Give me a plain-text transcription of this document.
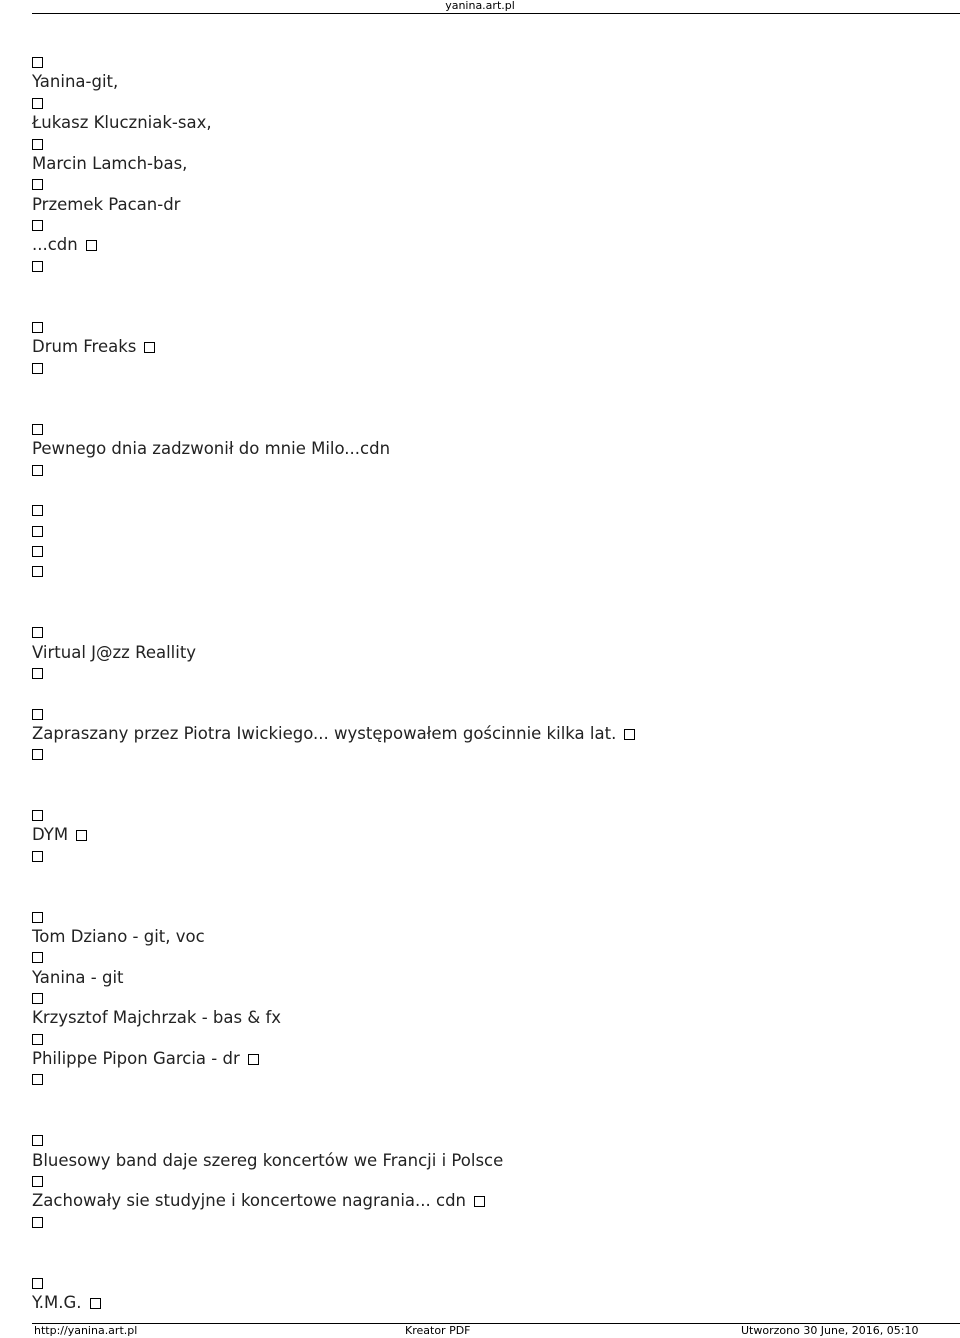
yanina.art.pl
Yanina-git,
Łukasz Kluczniak-sax,
Marcin Lamch-bas,
Przemek Pacan-dr
...cdn
Drum Freaks
Pewnego dnia zadzwonił do mnie Milo...cdn
Virtual J@zz Reallity
Zapraszany przez Piotra Iwickiego... występowałem gościnnie kilka lat.
DYM
Tom Dziano - git, voc
Yanina - git
Krzysztof Majchrzak - bas & fx
Philippe Pipon Garcia - dr
Bluesowy band daje szereg koncertów we Francji i Polsce
Zachowały sie studyjne i koncertowe nagrania... cdn
Y.M.G.
http://yanina.art.pl	Kreator PDF	Utworzono 30 June, 2016, 05:10
